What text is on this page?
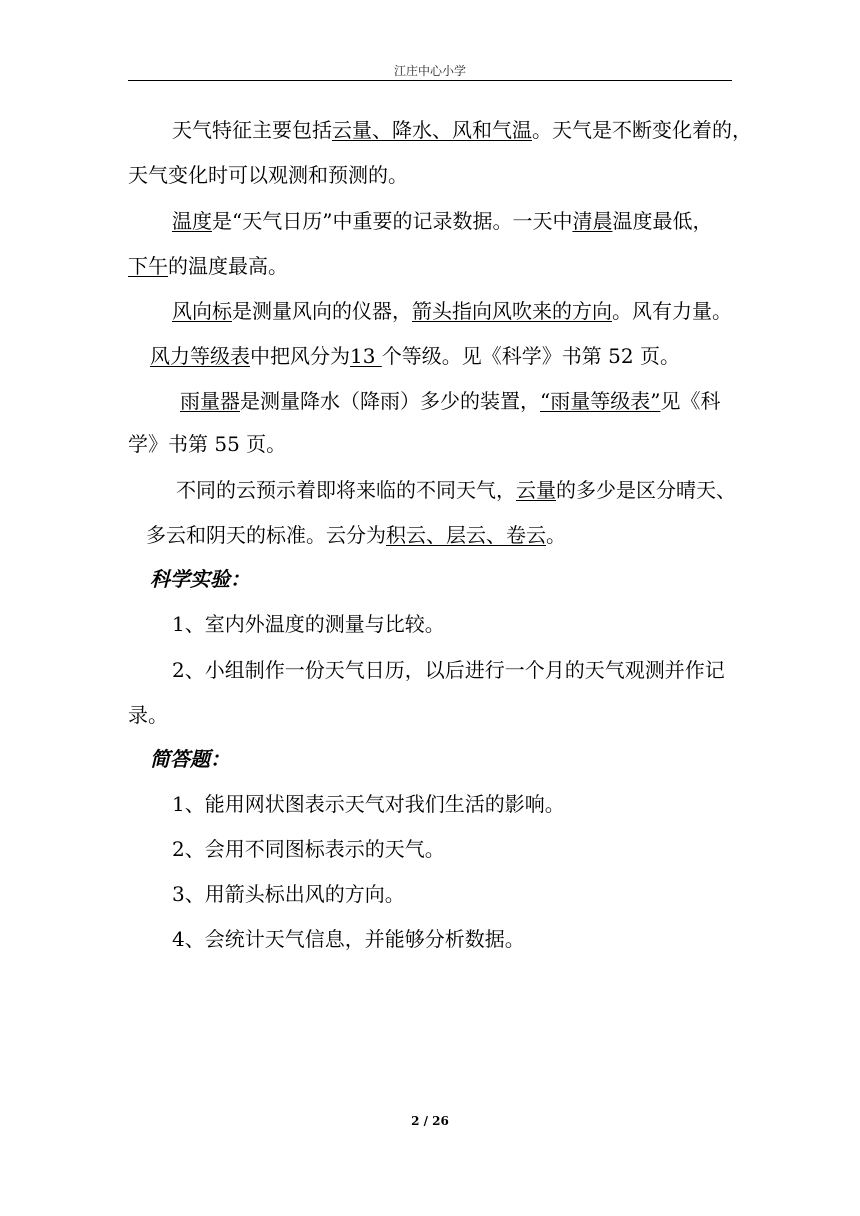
江庄中心小学
天气特征主要包括云量、降水、风和气温。天气是不断变化着的，
天气变化时可以观测和预测的。
温度是“天气日历”中重要的记录数据。一天中清晨温度最低，
下午的温度最高。
风向标是测量风向的仪器，箭头指向风吹来的方向。风有力量。
风力等级表中把风分为13 个等级。见《科学》书第 52 页。
雨量器是测量降水（降雨）多少的装置，“雨量等级表”见《科
学》书第 55 页。
不同的云预示着即将来临的不同天气，云量的多少是区分晴天、
多云和阴天的标准。云分为积云、层云、卷云。
科学实验：
1、室内外温度的测量与比较。
2、小组制作一份天气日历，以后进行一个月的天气观测并作记
录。
简答题：
1、能用网状图表示天气对我们生活的影响。
2、会用不同图标表示的天气。
3、用箭头标出风的方向。
4、会统计天气信息，并能够分析数据。
2 / 26
